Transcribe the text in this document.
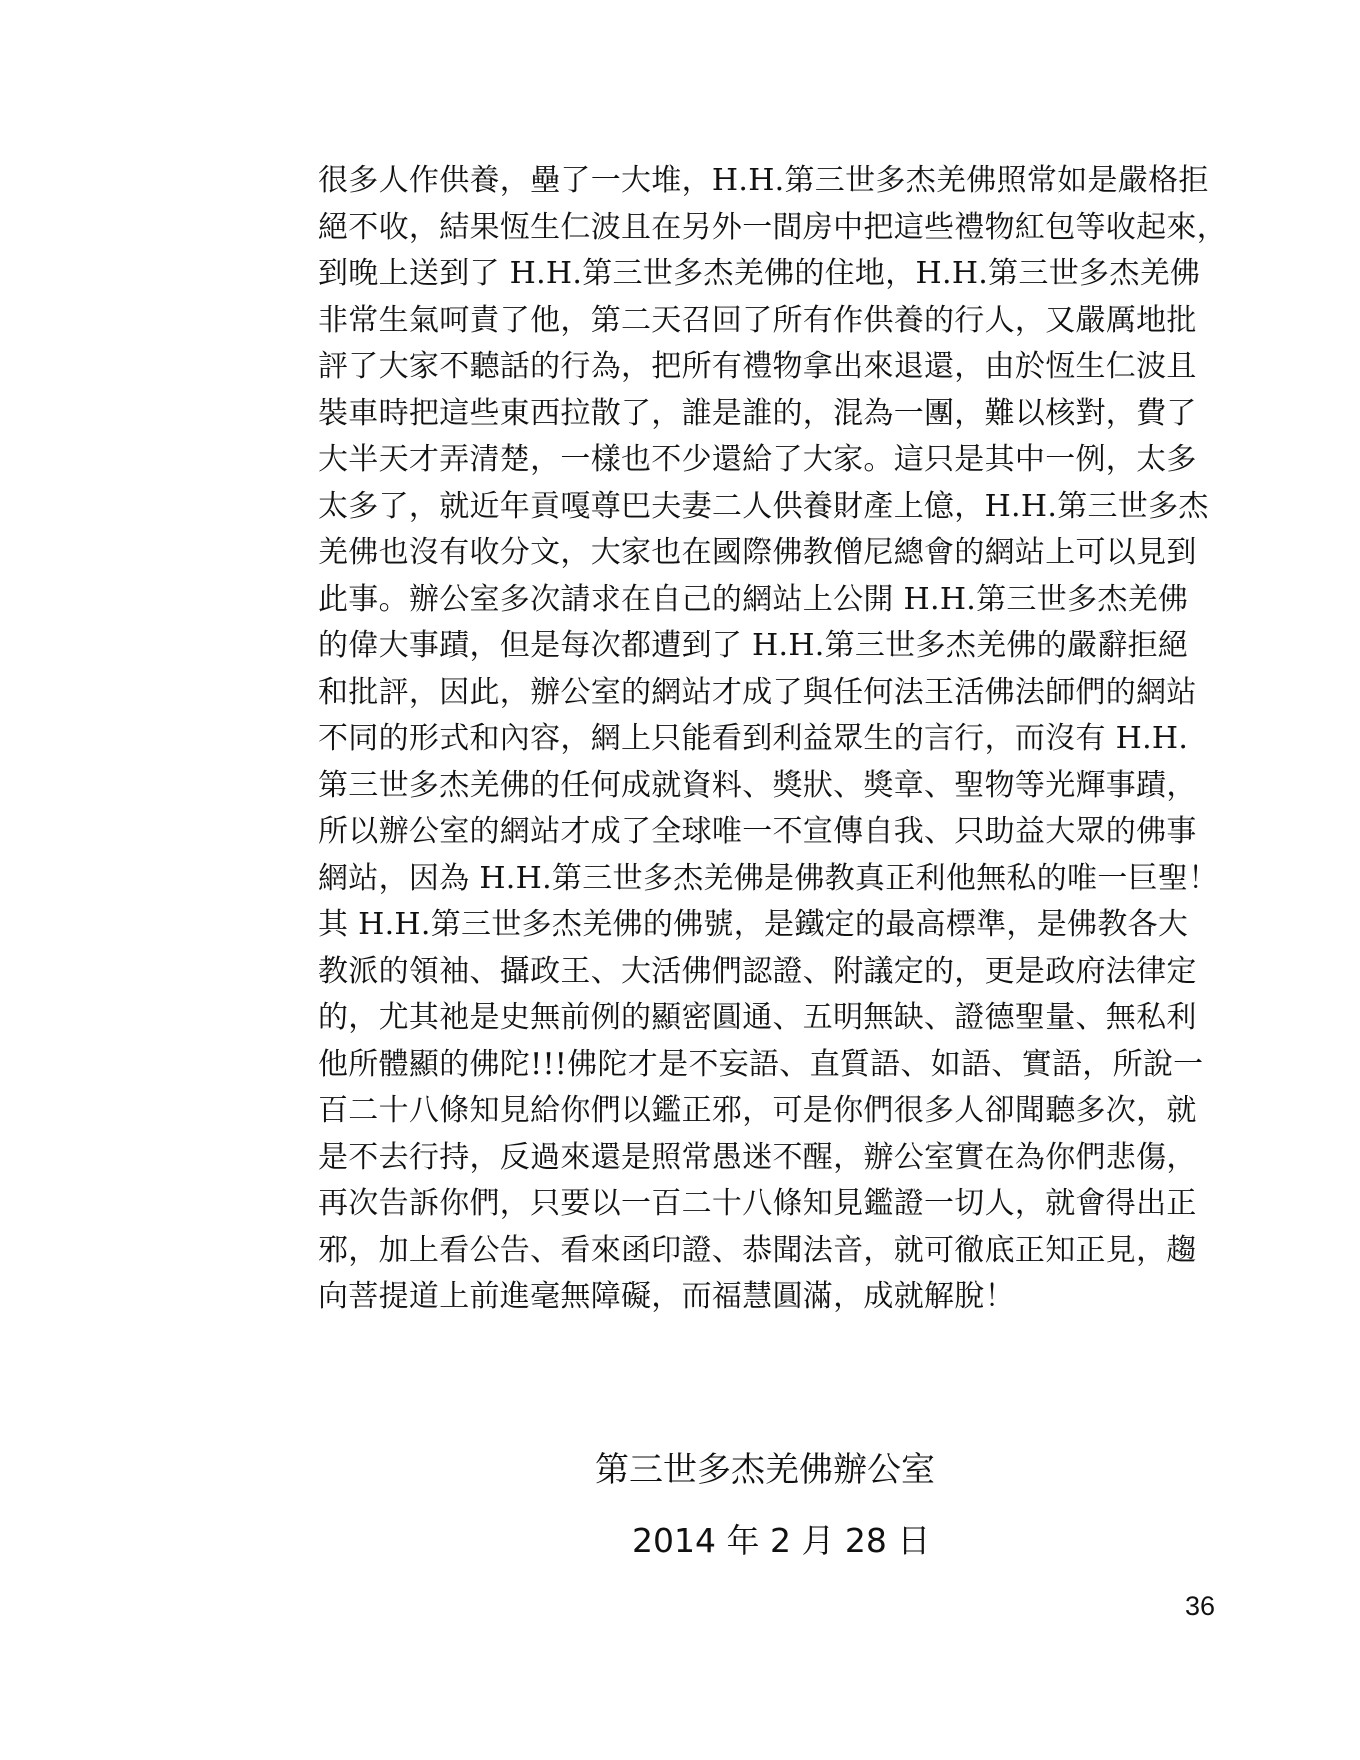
很多人作供養，壘了一大堆，H.H.第三世多杰羌佛照常如是嚴格拒
絕不收，結果恆生仁波且在另外一間房中把這些禮物紅包等收起來，
到晚上送到了 H.H.第三世多杰羌佛的住地，H.H.第三世多杰羌佛
非常生氣呵責了他，第二天召回了所有作供養的行人，又嚴厲地批
評了大家不聽話的行為，把所有禮物拿出來退還，由於恆生仁波且
裝車時把這些東西拉散了，誰是誰的，混為一團，難以核對，費了
大半天才弄清楚，一樣也不少還給了大家。這只是其中一例，太多
太多了，就近年貢嘎尊巴夫妻二人供養財產上億，H.H.第三世多杰
羌佛也沒有收分文，大家也在國際佛教僧尼總會的網站上可以見到
此事。辦公室多次請求在自己的網站上公開 H.H.第三世多杰羌佛
的偉大事蹟，但是每次都遭到了 H.H.第三世多杰羌佛的嚴辭拒絕
和批評，因此，辦公室的網站才成了與任何法王活佛法師們的網站
不同的形式和內容，網上只能看到利益眾生的言行，而沒有 H.H.
第三世多杰羌佛的任何成就資料、獎狀、獎章、聖物等光輝事蹟，
所以辦公室的網站才成了全球唯一不宣傳自我、只助益大眾的佛事
網站，因為 H.H.第三世多杰羌佛是佛教真正利他無私的唯一巨聖！
其 H.H.第三世多杰羌佛的佛號，是鐵定的最高標準，是佛教各大
教派的領袖、攝政王、大活佛們認證、附議定的，更是政府法律定
的，尤其祂是史無前例的顯密圓通、五明無缺、證德聖量、無私利
他所體顯的佛陀!!!佛陀才是不妄語、直質語、如語、實語，所說一
百二十八條知見給你們以鑑正邪，可是你們很多人卻聞聽多次，就
是不去行持，反過來還是照常愚迷不醒，辦公室實在為你們悲傷，
再次告訴你們，只要以一百二十八條知見鑑證一切人，就會得出正
邪，加上看公告、看來函印證、恭聞法音，就可徹底正知正見，趨
向菩提道上前進毫無障礙，而福慧圓滿，成就解脫！
第三世多杰羌佛辦公室
2014 年 2 月 28 日
36
